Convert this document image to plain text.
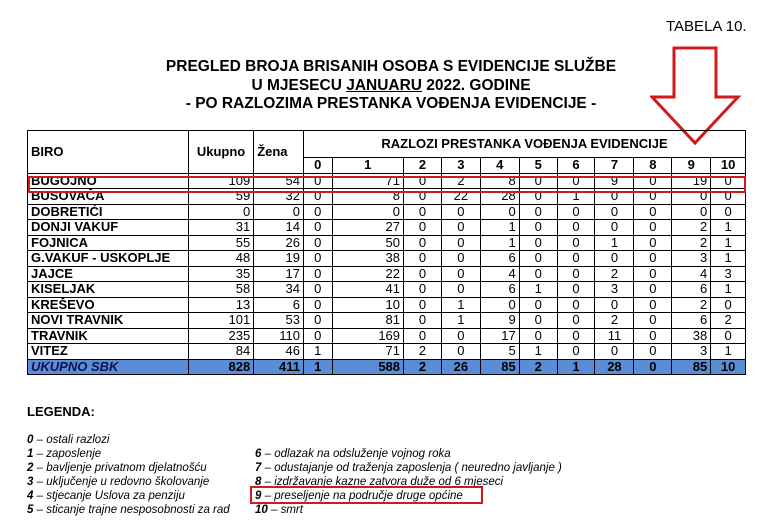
TABELA 10.
PREGLED BROJA BRISANIH OSOBA S EVIDENCIJE SLUŽBE
U MJESECU JANUARU 2022. GODINE
- PO RAZLOZIMA PRESTANKA VOĐENJA EVIDENCIJE -
BIRO	Ukupno	Žena	RAZLOZI PRESTANKA VOĐENJA EVIDENCIJE										
			0	1	2	3	4	5	6	7	8	9	10
BUGOJNO	109	54	0	71	0	2	8	0	0	9	0	19	0
BUSOVAČA	59	32	0	8	0	22	28	0	1	0	0	0	0
DOBRETIĆI	0	0	0	0	0	0	0	0	0	0	0	0	0
DONJI VAKUF	31	14	0	27	0	0	1	0	0	0	0	2	1
FOJNICA	55	26	0	50	0	0	1	0	0	1	0	2	1
G.VAKUF - USKOPLJE	48	19	0	38	0	0	6	0	0	0	0	3	1
JAJCE	35	17	0	22	0	0	4	0	0	2	0	4	3
KISELJAK	58	34	0	41	0	0	6	1	0	3	0	6	1
KREŠEVO	13	6	0	10	0	1	0	0	0	0	0	2	0
NOVI TRAVNIK	101	53	0	81	0	1	9	0	0	2	0	6	2
TRAVNIK	235	110	0	169	0	0	17	0	0	11	0	38	0
VITEZ	84	46	1	71	2	0	5	1	0	0	0	3	1
UKUPNO SBK	828	411	1	588	2	26	85	2	1	28	0	85	10
LEGENDA:
0 – ostali razlozi
1 – zaposlenje
2 – bavljenje privatnom djelatnošću
3 – uključenje u redovno školovanje
4 – stjecanje Uslova za penziju
5 – sticanje trajne nesposobnosti za rad
6 – odlazak na odsluženje vojnog roka
7 – odustajanje od traženja zaposlenja ( neuredno javljanje )
8 – izdržavanje kazne zatvora duže od 6 mjeseci
9 – preseljenje na područje druge općine
10 – smrt
